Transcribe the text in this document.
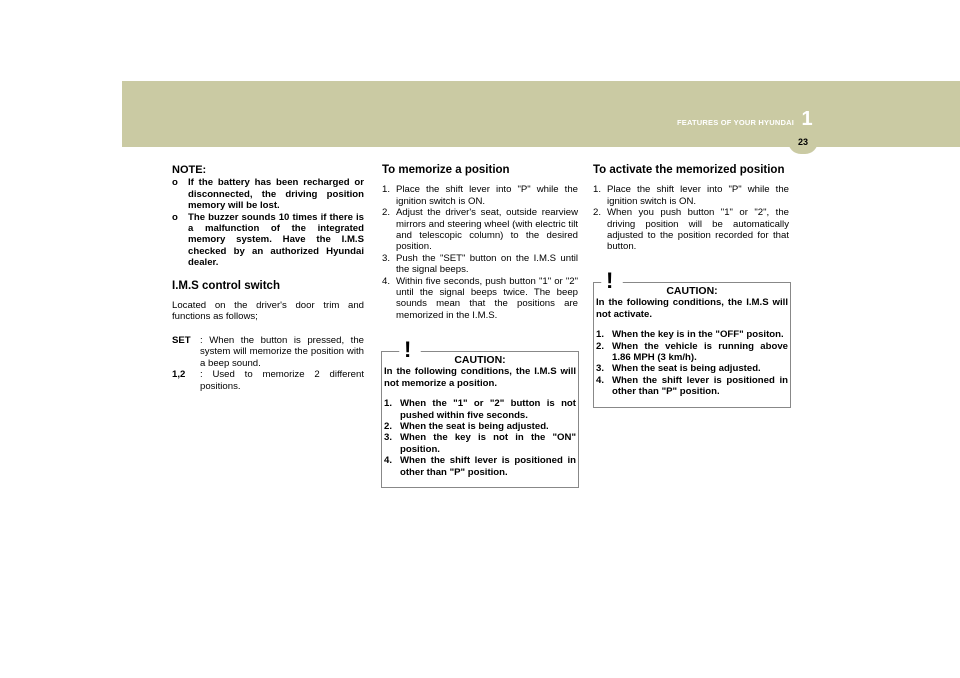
1
FEATURES OF YOUR HYUNDAI
23
NOTE:
o If the battery has been recharged or disconnected, the driving position memory will be lost.
o The buzzer sounds 10 times if there is a malfunction of the integrated memory system. Have the I.M.S checked by an authorized Hyundai dealer.
I.M.S control switch
Located on the driver's door trim and functions as follows;
SET : When the button is pressed, the system will memorize the position with a beep sound.
1,2 : Used to memorize 2 different positions.
To memorize a position
1. Place the shift lever into "P" while the ignition switch is ON.
2. Adjust the driver's seat, outside rearview mirrors and steering wheel (with electric tilt and telescopic column) to the desired position.
3. Push the "SET" button on the I.M.S until the signal beeps.
4. Within five seconds, push button "1" or "2" until the signal beeps twice. The beep sounds mean that the positions are memorized in the I.M.S.
!	CAUTION:
In the following conditions, the I.M.S will not memorize a position.
1. When the "1" or "2" button is not pushed within five seconds.
2. When the seat is being adjusted.
3. When the key is not in the "ON" position.
4. When the shift lever is positioned in other than "P" position.
To activate the memorized position
1. Place the shift lever into "P" while the ignition switch is ON.
2. When you push button "1" or "2", the driving position will be automatically adjusted to the position recorded for that button.
!	CAUTION:
In the following conditions, the I.M.S will not activate.
1. When the key is in the "OFF" positon.
2. When the vehicle is running above 1.86 MPH (3 km/h).
3. When the seat is being adjusted.
4. When the shift lever is positioned in other than "P" position.
